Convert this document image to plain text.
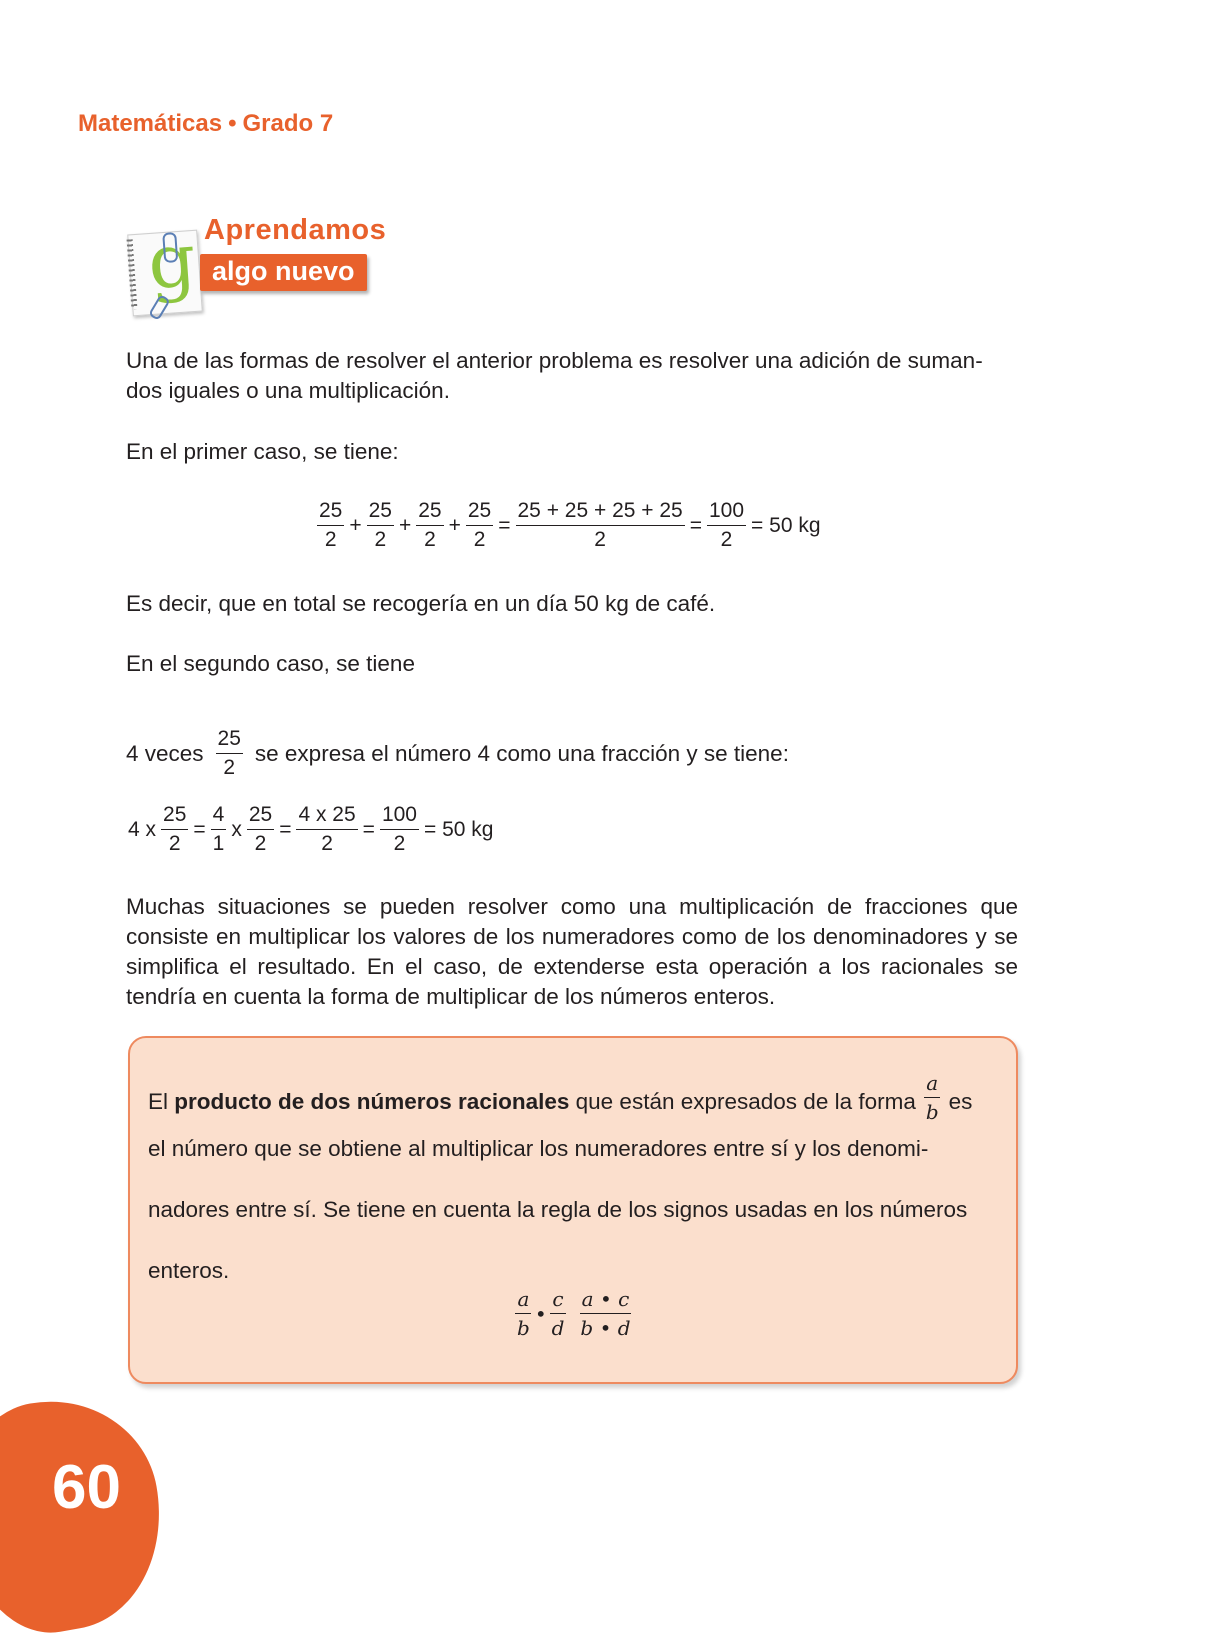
Matemáticas • Grado 7
g Aprendamos
algo nuevo
Una de las formas de resolver el anterior problema es resolver una adición de suman-dos iguales o una multiplicación.
En el primer caso, se tiene:
$\frac{25}{2} + \frac{25}{2} + \frac{25}{2} + \frac{25}{2} = \frac{25 + 25 + 25 + 25}{2} = \frac{100}{2} = 50$ kg
Es decir, que en total se recogería en un día 50 kg de café.
En el segundo caso, se tiene
4 veces $\frac{25}{2}$ se expresa el número 4 como una fracción y se tiene:
4 x $\frac{25}{2} = \frac{4}{1}$ x $\frac{25}{2} = \frac{4 x 25}{2} = \frac{100}{2} = 50$ kg
Muchas situaciones se pueden resolver como una multiplicación de fracciones que consiste en multiplicar los valores de los numeradores como de los denominadores y se simplifica el resultado. En el caso, de extenderse esta operación a los racionales se tendría en cuenta la forma de multiplicar de los números enteros.
El
producto de dos números racionales
que están expresados de la forma $\frac{a}{b}$ es
el número que se obtiene al multiplicar los numeradores entre sí y los denomi-
nadores entre sí. Se tiene en cuenta la regla de los signos usadas en los números
enteros.
$\frac{a}{b}$ • $\frac{c}{d} \frac{a • c}{b • d}$
60
